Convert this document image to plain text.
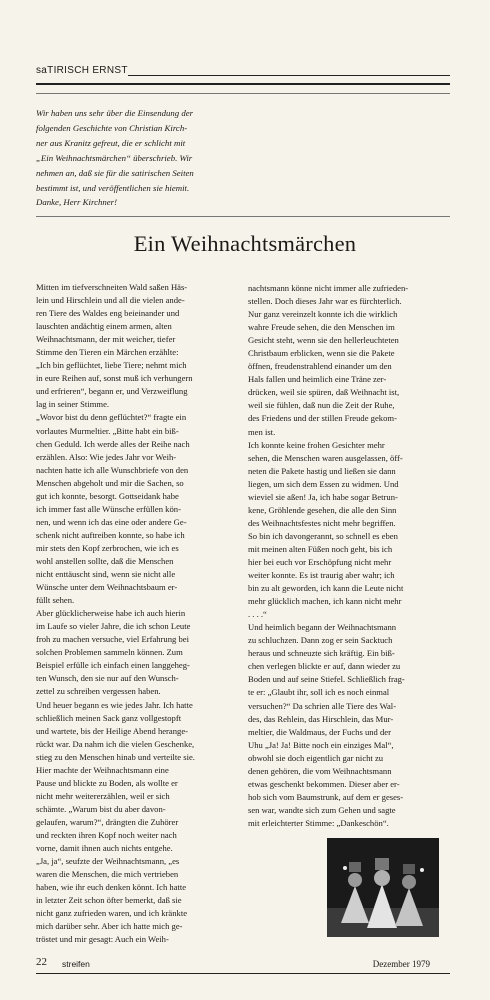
saTIRISCH ERNST
Wir haben uns sehr über die Einsendung der
folgenden Geschichte von Christian Kirch-
ner aus Kranitz gefreut, die er schlicht mit
„Ein Weihnachtsmärchen“ überschrieb. Wir
nehmen an, daß sie für die satirischen Seiten
bestimmt ist, und veröffentlichen sie hiemit.
Danke, Herr Kirchner!
Ein Weihnachtsmärchen
Mitten im tiefverschneiten Wald saßen Häs-
lein und Hirschlein und all die vielen ande-
ren Tiere des Waldes eng beieinander und
lauschten andächtig einem armen, alten
Weihnachtsmann, der mit weicher, tiefer
Stimme den Tieren ein Märchen erzählte:
„Ich bin geflüchtet, liebe Tiere; nehmt mich
in eure Reihen auf, sonst muß ich verhungern
und erfrieren“, begann er, und Verzweiflung
lag in seiner Stimme.
„Wovor bist du denn geflüchtet?“ fragte ein
vorlautes Murmeltier. „Bitte habt ein biß-
chen Geduld. Ich werde alles der Reihe nach
erzählen. Also: Wie jedes Jahr vor Weih-
nachten hatte ich alle Wunschbriefe von den
Menschen abgeholt und mir die Sachen, so
gut ich konnte, besorgt. Gottseidank habe
ich immer fast alle Wünsche erfüllen kön-
nen, und wenn ich das eine oder andere Ge-
schenk nicht auftreiben konnte, so habe ich
mir stets den Kopf zerbrochen, wie ich es
wohl anstellen sollte, daß die Menschen
nicht enttäuscht sind, wenn sie nicht alle
Wünsche unter dem Weihnachtsbaum er-
füllt sehen.
Aber glücklicherweise habe ich auch hierin
im Laufe so vieler Jahre, die ich schon Leute
froh zu machen versuche, viel Erfahrung bei
solchen Problemen sammeln können. Zum
Beispiel erfülle ich einfach einen langgeheg-
ten Wunsch, den sie nur auf den Wunsch-
zettel zu schreiben vergessen haben.
Und heuer begann es wie jedes Jahr. Ich hatte
schließlich meinen Sack ganz vollgestopft
und wartete, bis der Heilige Abend herange-
rückt war. Da nahm ich die vielen Geschenke,
stieg zu den Menschen hinab und verteilte sie.
Hier machte der Weihnachtsmann eine
Pause und blickte zu Boden, als wollte er
nicht mehr weitererzählen, weil er sich
schämte. „Warum bist du aber davon-
gelaufen, warum?“, drängten die Zuhörer
und reckten ihren Kopf noch weiter nach
vorne, damit ihnen auch nichts entgehe.
„Ja, ja“, seufzte der Weihnachtsmann, „es
waren die Menschen, die mich vertrieben
haben, wie ihr euch denken könnt. Ich hatte
in letzter Zeit schon öfter bemerkt, daß sie
nicht ganz zufrieden waren, und ich kränkte
mich darüber sehr. Aber ich hatte mich ge-
tröstet und mir gesagt: Auch ein Weih-
nachtsmann könne nicht immer alle zufrieden-
stellen. Doch dieses Jahr war es fürchterlich.
Nur ganz vereinzelt konnte ich die wirklich
wahre Freude sehen, die den Menschen im
Gesicht steht, wenn sie den hellerleuchteten
Christbaum erblicken, wenn sie die Pakete
öffnen, freudenstrahlend einander um den
Hals fallen und heimlich eine Träne zer-
drücken, weil sie spüren, daß Weihnacht ist,
weil sie fühlen, daß nun die Zeit der Ruhe,
des Friedens und der stillen Freude gekom-
men ist.
Ich konnte keine frohen Gesichter mehr
sehen, die Menschen waren ausgelassen, öff-
neten die Pakete hastig und ließen sie dann
liegen, um sich dem Essen zu widmen. Und
wieviel sie aßen! Ja, ich habe sogar Betrun-
kene, Gröhlende gesehen, die alle den Sinn
des Weihnachtsfestes nicht mehr begriffen.
So bin ich davongerannt, so schnell es eben
mit meinen alten Füßen noch geht, bis ich
hier bei euch vor Erschöpfung nicht mehr
weiter konnte. Es ist traurig aber wahr; ich
bin zu alt geworden, ich kann die Leute nicht
mehr glücklich machen, ich kann nicht mehr
. . . .“
Und heimlich begann der Weihnachtsmann
zu schluchzen. Dann zog er sein Sacktuch
heraus und schneuzte sich kräftig. Ein biß-
chen verlegen blickte er auf, dann wieder zu
Boden und auf seine Stiefel. Schließlich frag-
te er: „Glaubt ihr, soll ich es noch einmal
versuchen?“ Da schrien alle Tiere des Wal-
des, das Rehlein, das Hirschlein, das Mur-
meltier, die Waldmaus, der Fuchs und der
Uhu „Ja! Ja! Bitte noch ein einziges Mal“,
obwohl sie doch eigentlich gar nicht zu
denen gehören, die vom Weihnachtsmann
etwas geschenkt bekommen. Dieser aber er-
hob sich vom Baumstrunk, auf dem er geses-
sen war, wandte sich zum Gehen und sagte
mit erleichterter Stimme: „Dankeschön“.
22 streifen	Dezember 1979
